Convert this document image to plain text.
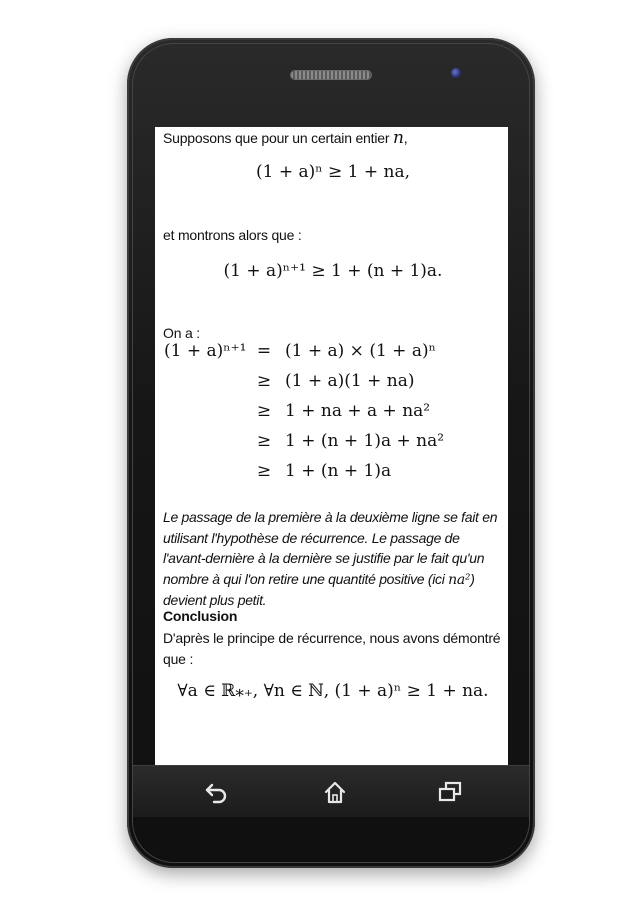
Supposons que pour un certain entier n,
(1 + a)ⁿ ≥ 1 + na,
et montrons alors que :
(1 + a)ⁿ⁺¹ ≥ 1 + (n + 1)a.
On a :
(1 + a)ⁿ⁺¹ = (1 + a) × (1 + a)ⁿ
≥ (1 + a)(1 + na)
≥ 1 + na + a + na²
≥ 1 + (n + 1)a + na²
≥ 1 + (n + 1)a
Le passage de la première à la deuxième ligne se fait en utilisant l'hypothèse de récurrence. Le passage de l'avant-dernière à la dernière se justifie par le fait qu'un nombre à qui l'on retire une quantité positive (ici na²) devient plus petit.
Conclusion
D'après le principe de récurrence, nous avons démontré que :
∀a ∈ ℝ⁎₊, ∀n ∈ ℕ, (1 + a)ⁿ ≥ 1 + na.
